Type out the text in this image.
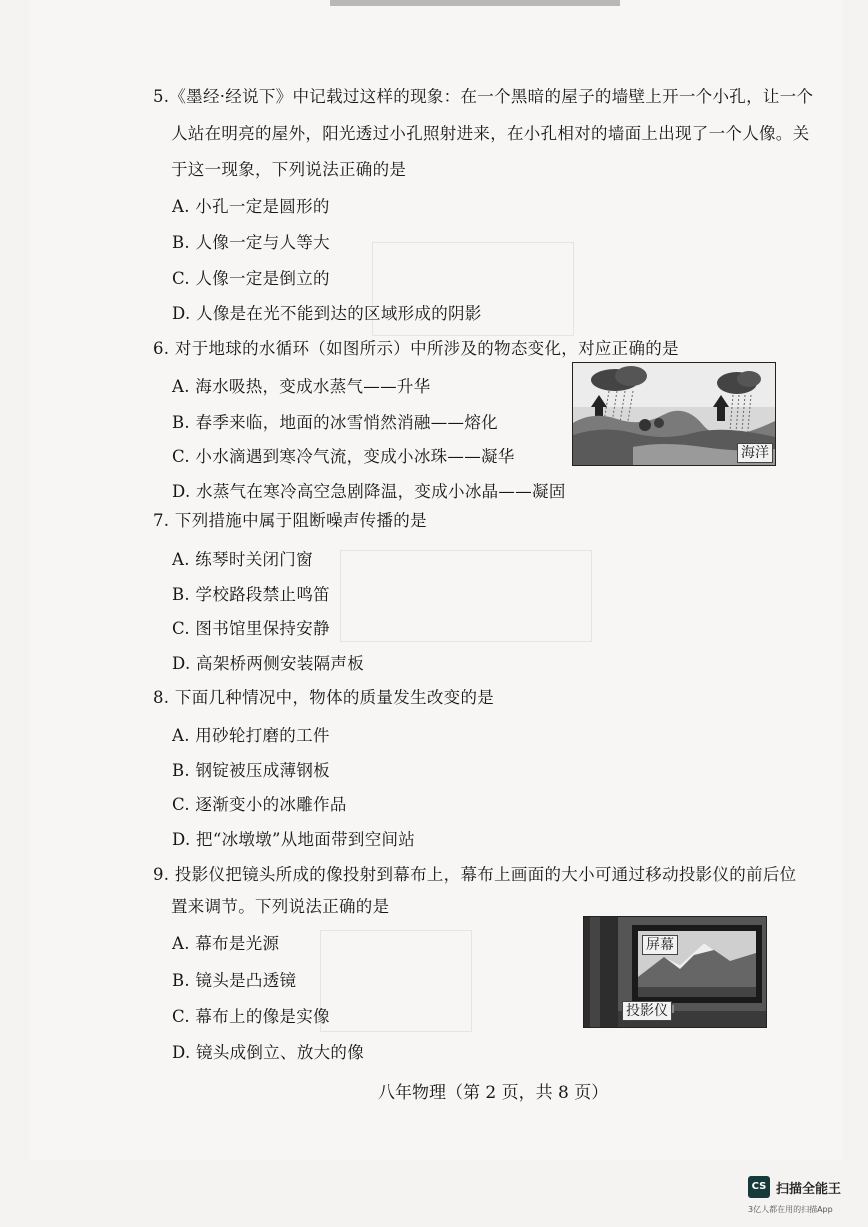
5.《墨经·经说下》中记载过这样的现象：在一个黑暗的屋子的墙壁上开一个小孔，让一个
人站在明亮的屋外，阳光透过小孔照射进来，在小孔相对的墙面上出现了一个人像。关
于这一现象，下列说法正确的是
A. 小孔一定是圆形的
B. 人像一定与人等大
C. 人像一定是倒立的
D. 人像是在光不能到达的区域形成的阴影
6. 对于地球的水循环（如图所示）中所涉及的物态变化，对应正确的是
A. 海水吸热，变成水蒸气——升华
B. 春季来临，地面的冰雪悄然消融——熔化
C. 小水滴遇到寒冷气流，变成小冰珠——凝华
D. 水蒸气在寒冷高空急剧降温，变成小冰晶——凝固
海洋
7. 下列措施中属于阻断噪声传播的是
A. 练琴时关闭门窗
B. 学校路段禁止鸣笛
C. 图书馆里保持安静
D. 高架桥两侧安装隔声板
8. 下面几种情况中，物体的质量发生改变的是
A. 用砂轮打磨的工件
B. 钢锭被压成薄钢板
C. 逐渐变小的冰雕作品
D. 把“冰墩墩”从地面带到空间站
9. 投影仪把镜头所成的像投射到幕布上，幕布上画面的大小可通过移动投影仪的前后位
置来调节。下列说法正确的是
A. 幕布是光源
B. 镜头是凸透镜
C. 幕布上的像是实像
D. 镜头成倒立、放大的像
屏幕
投影仪
八年物理（第 2 页，共 8 页）
CS 扫描全能王
3亿人都在用的扫描App
